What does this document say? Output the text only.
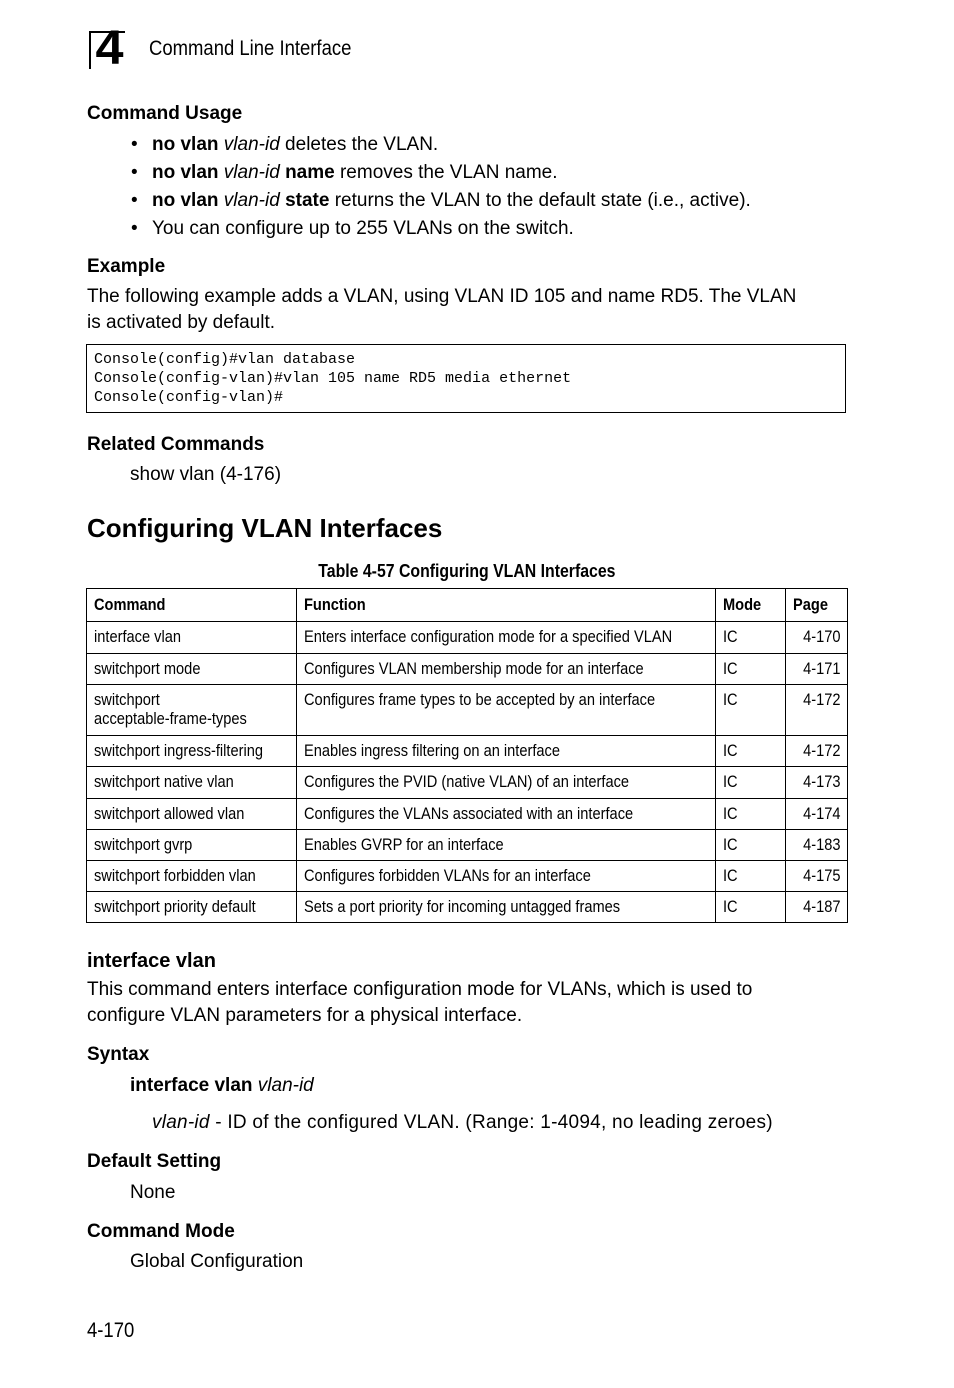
4	Command Line Interface
Command Usage
• no vlan vlan-id deletes the VLAN.
• no vlan vlan-id name removes the VLAN name.
• no vlan vlan-id state returns the VLAN to the default state (i.e., active).
• You can configure up to 255 VLANs on the switch.
Example
The following example adds a VLAN, using VLAN ID 105 and name RD5. The VLAN
is activated by default.
Console(config)#vlan database
Console(config-vlan)#vlan 105 name RD5 media ethernet
Console(config-vlan)#
Related Commands
show vlan (4-176)
Configuring VLAN Interfaces
Table 4-57 Configuring VLAN Interfaces
Command	Function	Mode	Page
interface vlan	Enters interface configuration mode for a specified VLAN	IC	4-170
switchport mode	Configures VLAN membership mode for an interface	IC	4-171
switchport
acceptable-frame-types	Configures frame types to be accepted by an interface	IC	4-172
switchport ingress-filtering	Enables ingress filtering on an interface	IC	4-172
switchport native vlan	Configures the PVID (native VLAN) of an interface	IC	4-173
switchport allowed vlan	Configures the VLANs associated with an interface	IC	4-174
switchport gvrp	Enables GVRP for an interface	IC	4-183
switchport forbidden vlan	Configures forbidden VLANs for an interface	IC	4-175
switchport priority default	Sets a port priority for incoming untagged frames	IC	4-187
interface vlan
This command enters interface configuration mode for VLANs, which is used to
configure VLAN parameters for a physical interface.
Syntax
interface vlan vlan-id
vlan-id - ID of the configured VLAN. (Range: 1-4094, no leading zeroes)
Default Setting
None
Command Mode
Global Configuration
4-170
